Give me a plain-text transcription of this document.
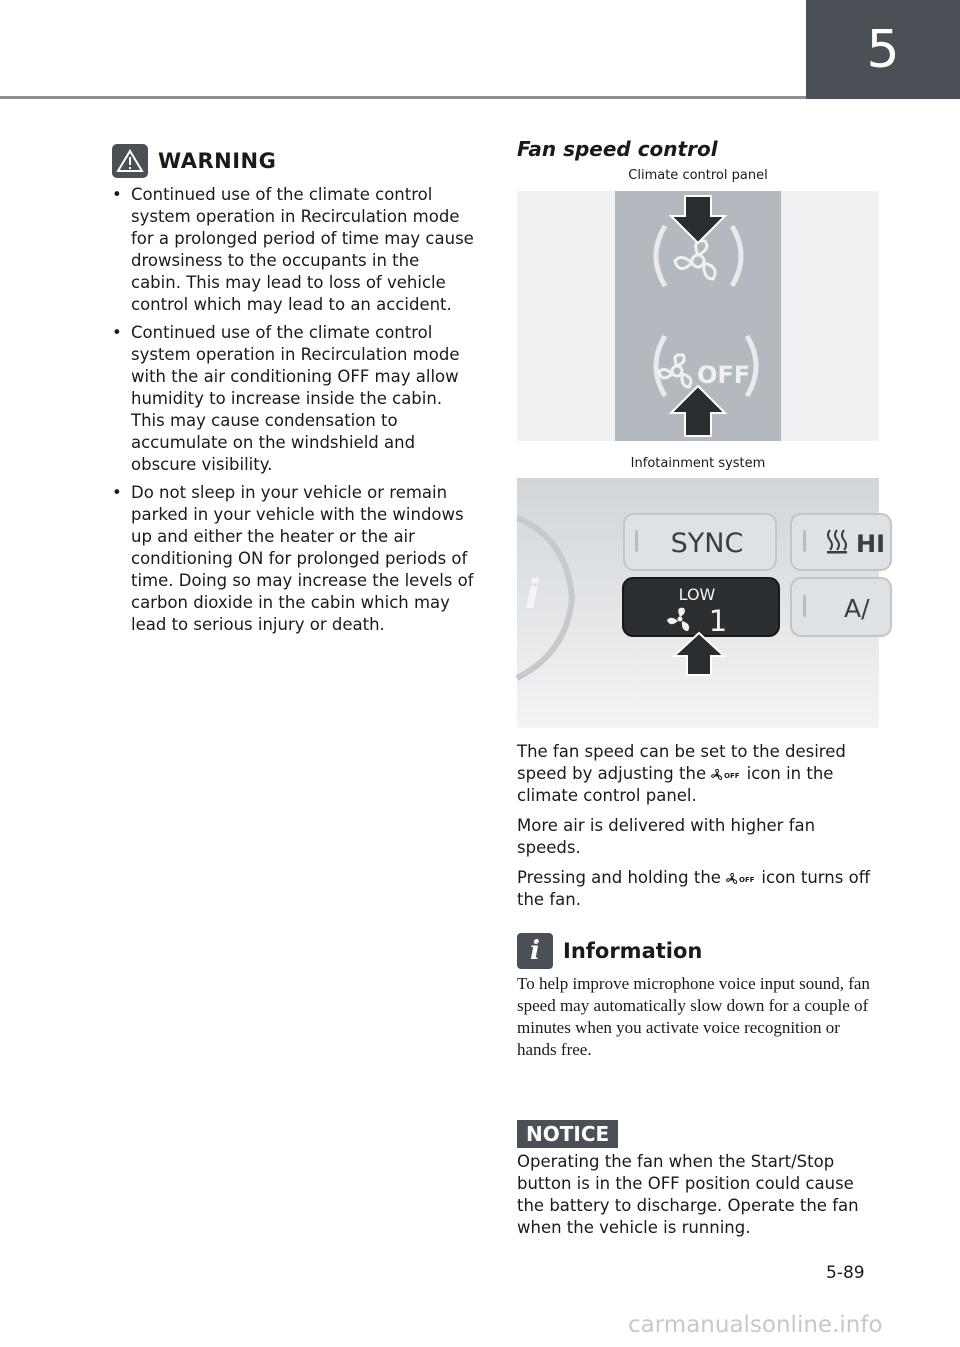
5
WARNING
• Continued use of the climate control system operation in Recirculation mode for a prolonged period of time may cause drowsiness to the occupants in the cabin. This may lead to loss of vehicle control which may lead to an accident.
• Continued use of the climate control system operation in Recirculation mode with the air conditioning OFF may allow humidity to increase inside the cabin. This may cause condensation to accumulate on the windshield and obscure visibility.
• Do not sleep in your vehicle or remain parked in your vehicle with the windows up and either the heater or the air conditioning ON for prolonged periods of time. Doing so may increase the levels of carbon dioxide in the cabin which may lead to serious injury or death.
Fan speed control
Climate control panel
OFF
Infotainment system
i
SYNC	HI
LOW
1	A/

The fan speed can be set to the desired speed by adjusting the	OFF icon in the climate control panel.

More air is delivered with higher fan speeds.

Pressing and holding the	OFF icon turns off the fan.

i	Information
To help improve microphone voice input sound, fan speed may automatically slow down for a couple of minutes when you activate voice recognition or hands free.
NOTICE
Operating the fan when the Start/Stop button is in the OFF position could cause the battery to discharge. Operate the fan when the vehicle is running.
5-89
carmanualsonline.info
